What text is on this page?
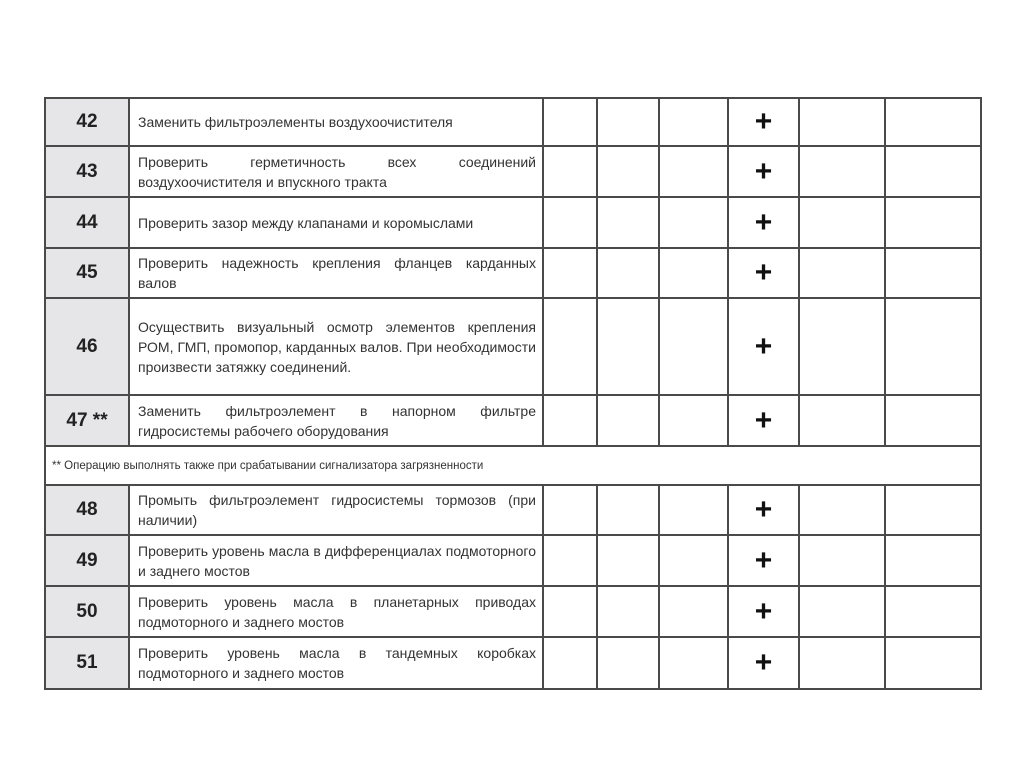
42	Заменить фильтроэлементы воздухоочистителя				+		
43	Проверить герметичность всех соединений воздухоочистителя и впускного тракта				+		
44	Проверить зазор между клапанами и коромыслами				+		
45	Проверить надежность крепления фланцев карданных валов				+		
46	Осуществить визуальный осмотр элементов крепления РОМ, ГМП, промопор, карданных валов. При необходимости произвести затяжку соединений.				+		
47 **	Заменить фильтроэлемент в напорном фильтре гидросистемы рабочего оборудования				+		
** Операцию выполнять также при срабатывании сигнализатора загрязненности							
48	Промыть фильтроэлемент гидросистемы тормозов (при наличии)				+		
49	Проверить уровень масла в дифференциалах подмоторного и заднего мостов				+		
50	Проверить уровень масла в планетарных приводах подмоторного и заднего мостов				+		
51	Проверить уровень масла в тандемных коробках подмоторного и заднего мостов				+		
